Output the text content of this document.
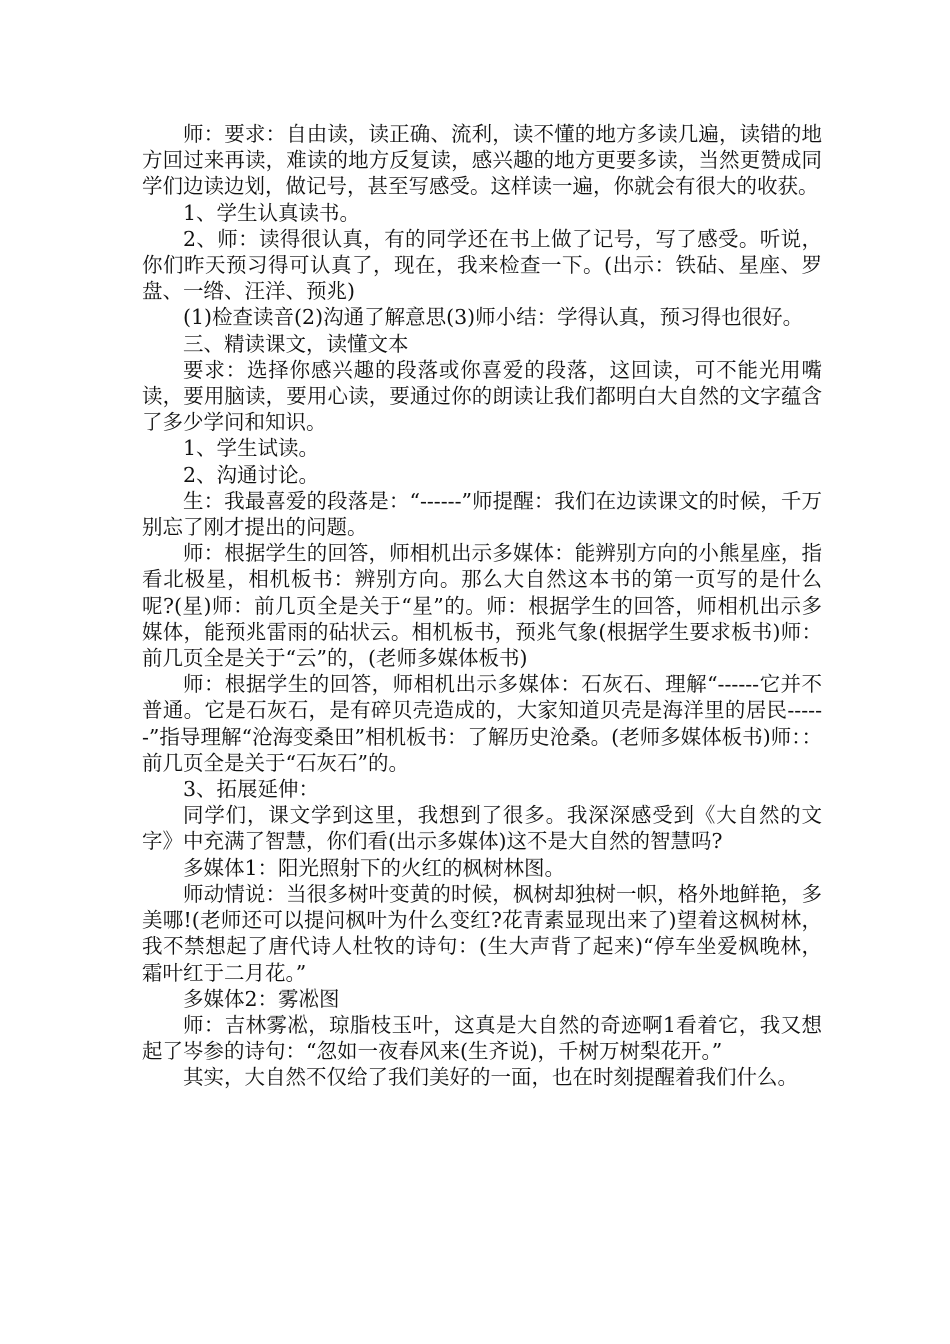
师：要求：自由读，读正确、流利，读不懂的地方多读几遍，读错的地方回过来再读，难读的地方反复读，感兴趣的地方更要多读，当然更赞成同学们边读边划，做记号，甚至写感受。这样读一遍，你就会有很大的收获。

1、学生认真读书。

2、师：读得很认真，有的同学还在书上做了记号，写了感受。听说，你们昨天预习得可认真了，现在，我来检查一下。(出示：铁砧、星座、罗盘、一绺、汪洋、预兆)

(1)检查读音(2)沟通了解意思(3)师小结：学得认真，预习得也很好。

三、精读课文，读懂文本

要求：选择你感兴趣的段落或你喜爱的段落，这回读，可不能光用嘴读，要用脑读，要用心读，要通过你的朗读让我们都明白大自然的文字蕴含了多少学问和知识。

1、学生试读。

2、沟通讨论。

生：我最喜爱的段落是：“------”师提醒：我们在边读课文的时候，千万别忘了刚才提出的问题。

师：根据学生的回答，师相机出示多媒体：能辨别方向的小熊星座，指看北极星，相机板书：辨别方向。那么大自然这本书的第一页写的是什么呢?(星)师：前几页全是关于“星”的。师：根据学生的回答，师相机出示多媒体，能预兆雷雨的砧状云。相机板书，预兆气象(根据学生要求板书)师：前几页全是关于“云”的，(老师多媒体板书)

师：根据学生的回答，师相机出示多媒体：石灰石、理解“------它并不普通。它是石灰石，是有碎贝壳造成的，大家知道贝壳是海洋里的居民------”指导理解“沧海变桑田”相机板书：了解历史沧桑。(老师多媒体板书)师：：前几页全是关于“石灰石”的。

3、拓展延伸：

同学们，课文学到这里，我想到了很多。我深深感受到《大自然的文字》中充满了智慧，你们看(出示多媒体)这不是大自然的智慧吗?

多媒体1：阳光照射下的火红的枫树林图。

师动情说：当很多树叶变黄的时候，枫树却独树一帜，格外地鲜艳，多美哪!(老师还可以提问枫叶为什么变红?花青素显现出来了)望着这枫树林，我不禁想起了唐代诗人杜牧的诗句：(生大声背了起来)“停车坐爱枫晚林，霜叶红于二月花。”

多媒体2：雾凇图

师：吉林雾凇，琼脂枝玉叶，这真是大自然的奇迹啊1看着它，我又想起了岑参的诗句：“忽如一夜春风来(生齐说)，千树万树梨花开。”

其实，大自然不仅给了我们美好的一面，也在时刻提醒着我们什么。
